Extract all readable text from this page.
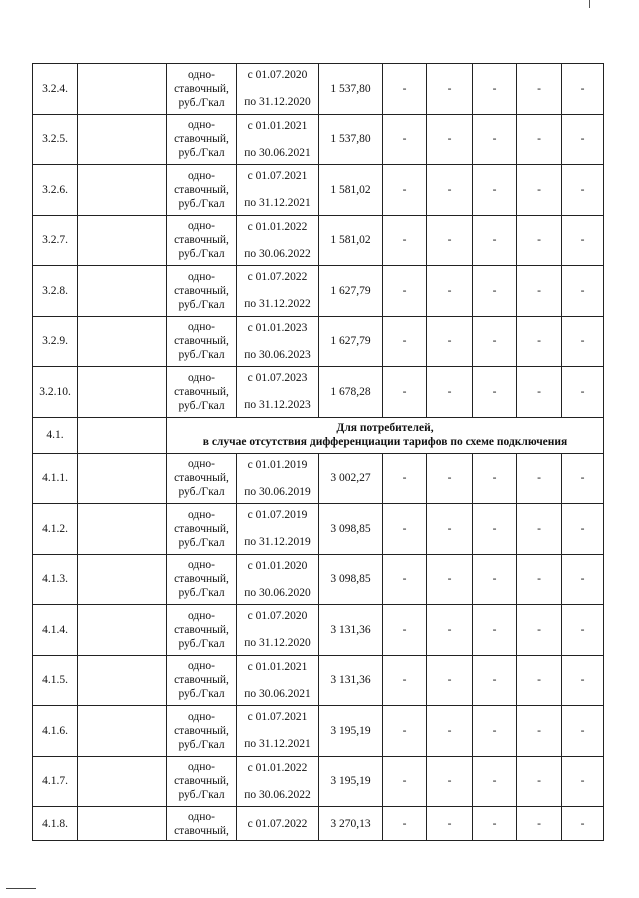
3.2.4.		одно-
ставочный,
руб./Гкал	с 01.07.2020
по 31.12.2020	1 537,80	-	-	-	-	-
3.2.5.		одно-
ставочный,
руб./Гкал	с 01.01.2021
по 30.06.2021	1 537,80	-	-	-	-	-
3.2.6.		одно-
ставочный,
руб./Гкал	с 01.07.2021
по 31.12.2021	1 581,02	-	-	-	-	-
3.2.7.		одно-
ставочный,
руб./Гкал	с 01.01.2022
по 30.06.2022	1 581,02	-	-	-	-	-
3.2.8.		одно-
ставочный,
руб./Гкал	с 01.07.2022
по 31.12.2022	1 627,79	-	-	-	-	-
3.2.9.		одно-
ставочный,
руб./Гкал	с 01.01.2023
по 30.06.2023	1 627,79	-	-	-	-	-
3.2.10.		одно-
ставочный,
руб./Гкал	с 01.07.2023
по 31.12.2023	1 678,28	-	-	-	-	-
4.1.		Для потребителей,
в случае отсутствия дифференциации тарифов по схеме подключения							

4.1.1.		одно-
ставочный,
руб./Гкал	с 01.01.2019
по 30.06.2019	3 002,27	-	-	-	-	-
4.1.2.		одно-
ставочный,
руб./Гкал	с 01.07.2019
по 31.12.2019	3 098,85	-	-	-	-	-
4.1.3.		одно-
ставочный,
руб./Гкал	с 01.01.2020
по 30.06.2020	3 098,85	-	-	-	-	-
4.1.4.		одно-
ставочный,
руб./Гкал	с 01.07.2020
по 31.12.2020	3 131,36	-	-	-	-	-
4.1.5.		одно-
ставочный,
руб./Гкал	с 01.01.2021
по 30.06.2021	3 131,36	-	-	-	-	-
4.1.6.		одно-
ставочный,
руб./Гкал	с 01.07.2021
по 31.12.2021	3 195,19	-	-	-	-	-
4.1.7.		одно-
ставочный,
руб./Гкал	с 01.01.2022
по 30.06.2022	3 195,19	-	-	-	-	-
4.1.8.		одно-
ставочный,	с 01.07.2022	3 270,13	-	-	-	-	-
